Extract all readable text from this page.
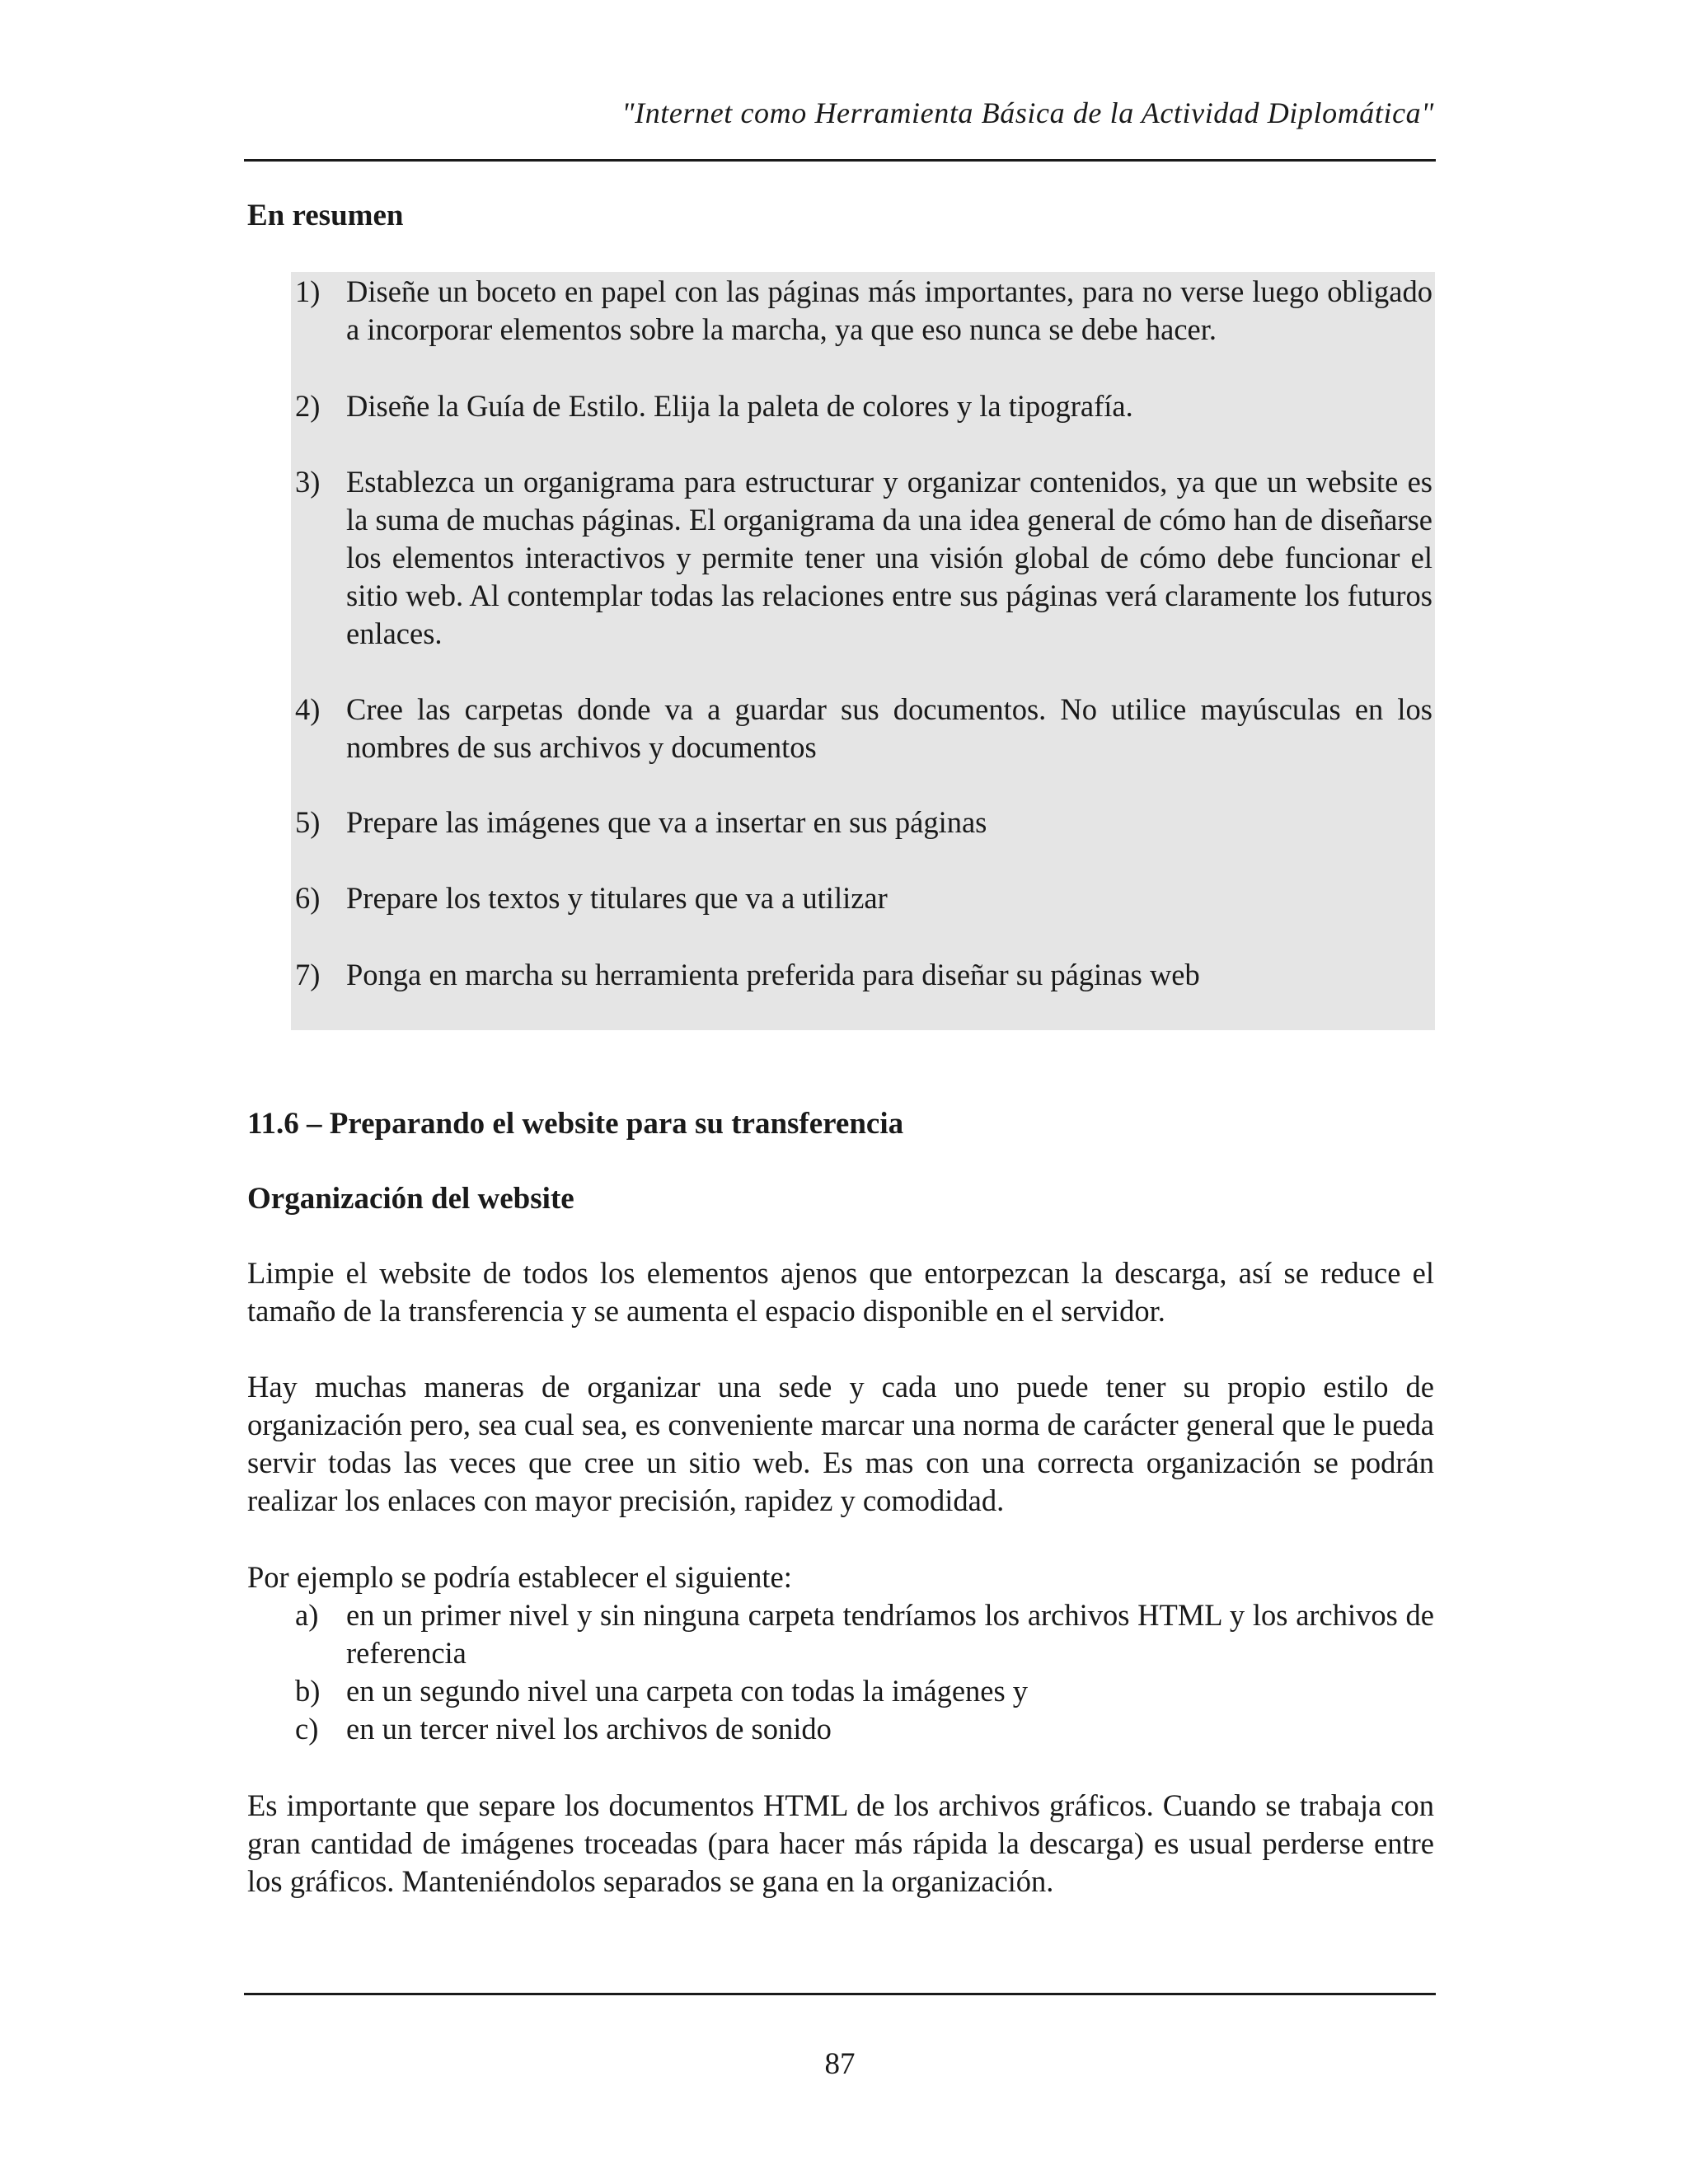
"Internet como Herramienta Básica de la Actividad Diplomática"
En resumen
1) Diseñe un boceto en papel con las páginas más importantes, para no verse luego obligado a incorporar elementos sobre la marcha, ya que eso nunca se debe hacer.
2) Diseñe la Guía de Estilo. Elija la paleta de colores y la tipografía.
3) Establezca un organigrama para estructurar y organizar contenidos, ya que un website es la suma de muchas páginas. El organigrama da una idea general de cómo han de diseñarse los elementos interactivos y permite tener una visión global de cómo debe funcionar el sitio web. Al contemplar todas las relaciones entre sus páginas verá claramente los futuros enlaces.
4) Cree las carpetas donde va a guardar sus documentos. No utilice mayúsculas en los nombres de sus archivos y documentos
5) Prepare las imágenes que va a insertar en sus páginas
6) Prepare los textos y titulares que va a utilizar
7) Ponga en marcha su herramienta preferida para diseñar su páginas web
11.6 – Preparando el website para su transferencia
Organización del website
Limpie el website de todos los elementos ajenos que entorpezcan la descarga, así se reduce el tamaño de la transferencia y se aumenta el espacio disponible en el servidor.
Hay muchas maneras de organizar una sede y cada uno puede tener su propio estilo de organización pero, sea cual sea, es conveniente marcar una norma de carácter general que le pueda servir todas las veces que cree un sitio web. Es mas con una correcta organización se podrán realizar los enlaces con mayor precisión, rapidez y comodidad.
Por ejemplo se podría establecer el siguiente:
a) en un primer nivel y sin ninguna carpeta tendríamos los archivos HTML y los archivos de referencia
b) en un segundo nivel una carpeta con todas la imágenes y
c) en un tercer nivel los archivos de sonido
Es importante que separe los documentos HTML de los archivos gráficos. Cuando se trabaja con gran cantidad de imágenes troceadas (para hacer más rápida la descarga) es usual perderse entre los gráficos. Manteniéndolos separados se gana en la organización.
87
